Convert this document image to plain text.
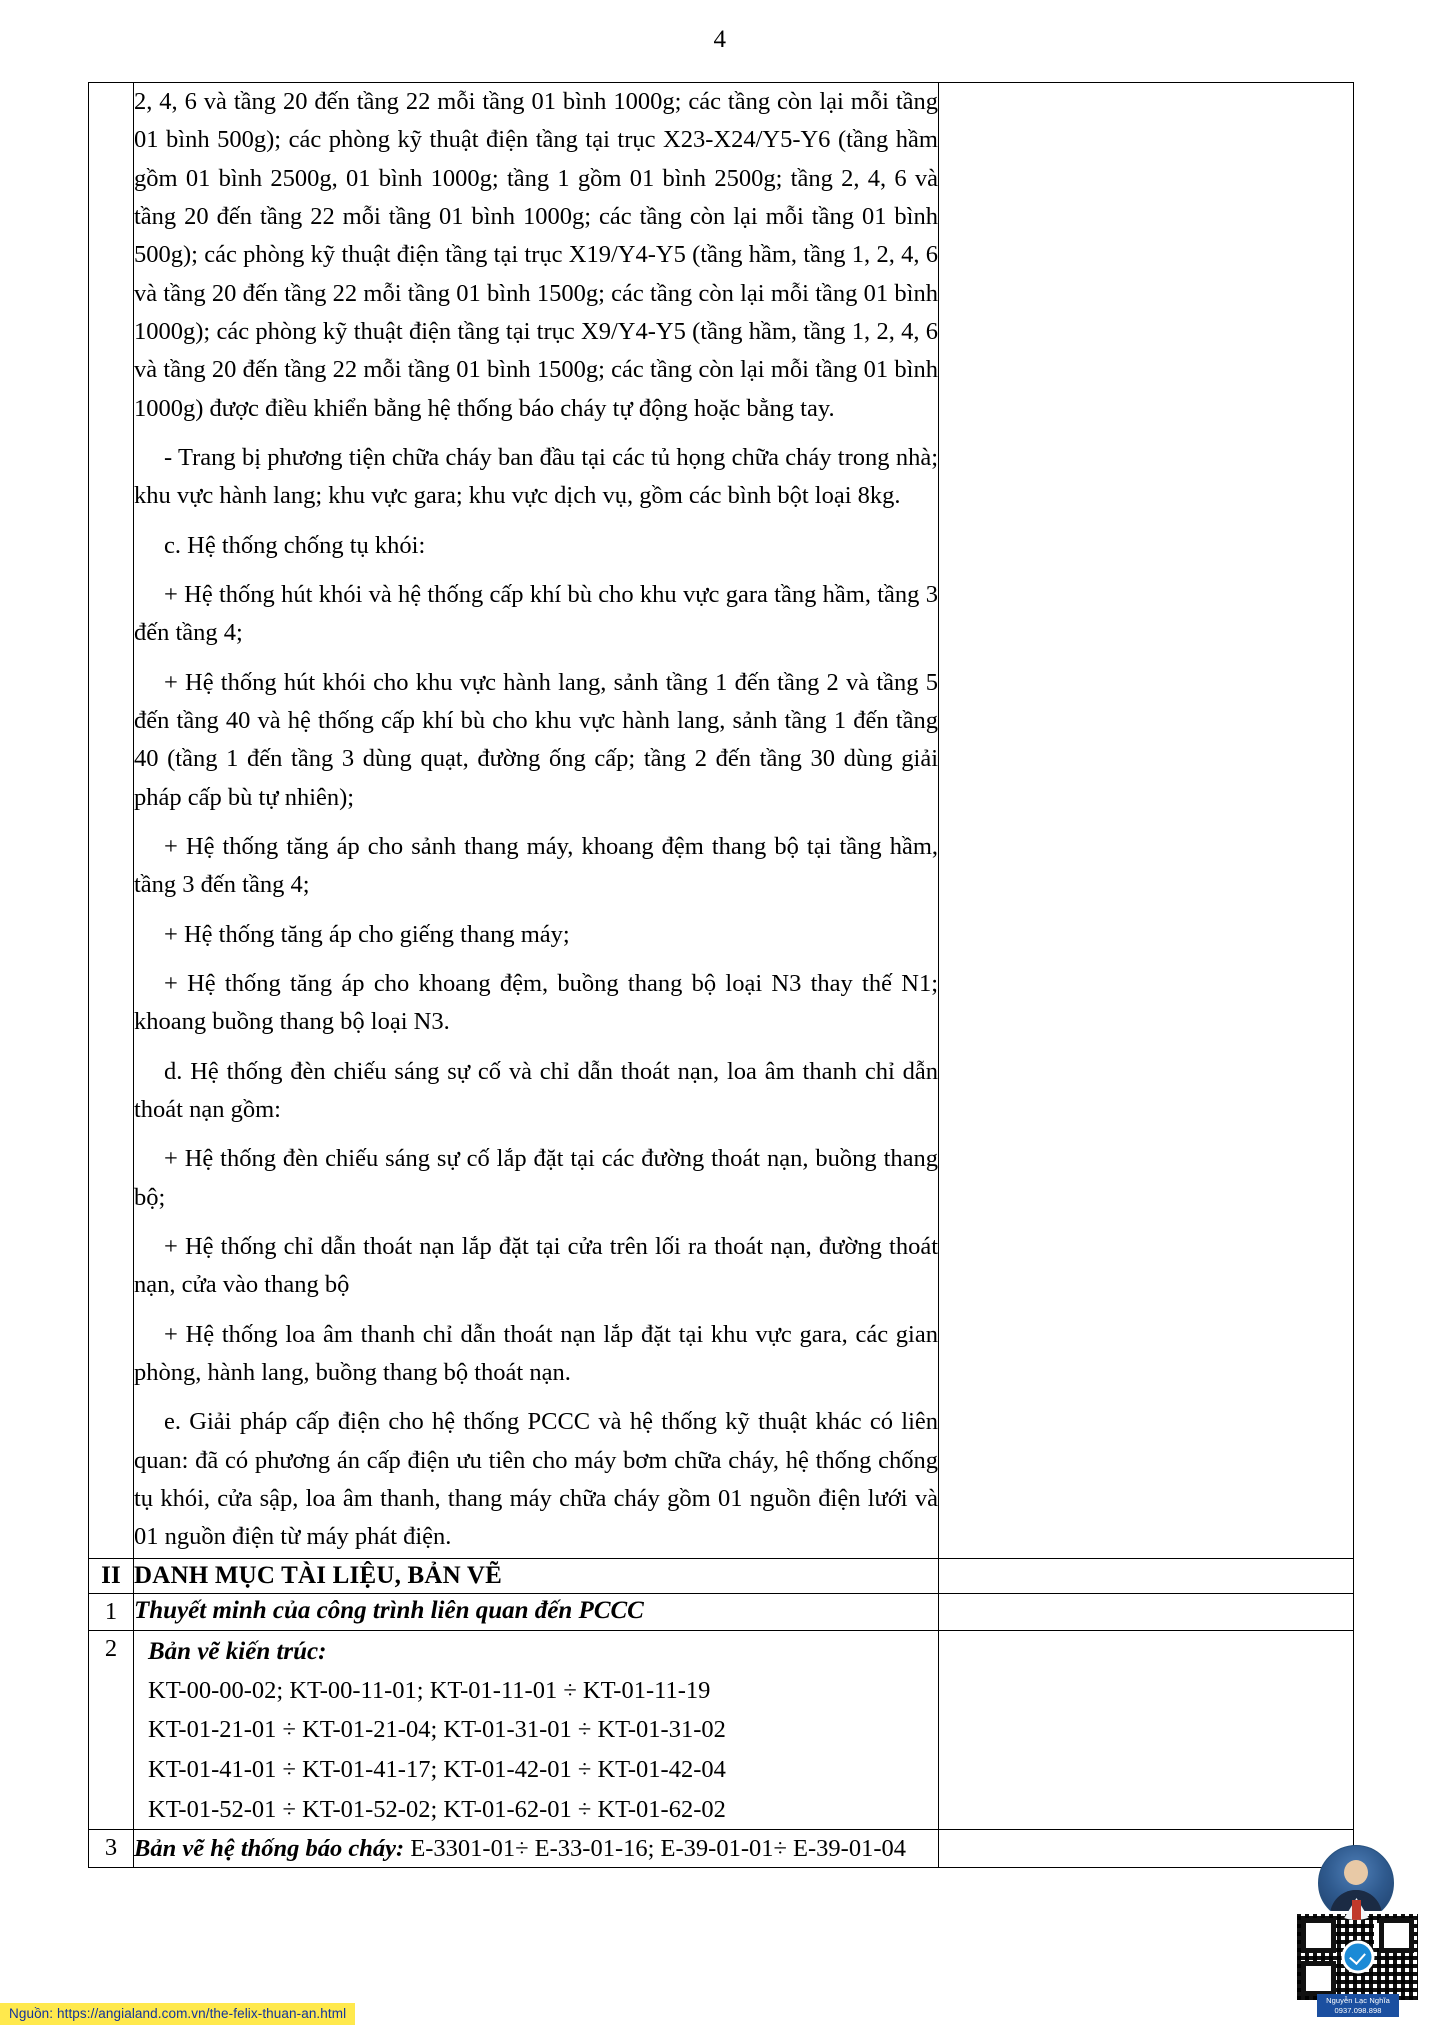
4

2, 4, 6 và tầng 20 đến tầng 22 mỗi tầng 01 bình 1000g; các tầng còn lại mỗi tầng 01 bình 500g); các phòng kỹ thuật điện tầng tại trục X23-X24/Y5-Y6 (tầng hầm gồm 01 bình 2500g, 01 bình 1000g; tầng 1 gồm 01 bình 2500g; tầng 2, 4, 6 và tầng 20 đến tầng 22 mỗi tầng 01 bình 1000g; các tầng còn lại mỗi tầng 01 bình 500g); các phòng kỹ thuật điện tầng tại trục X19/Y4-Y5 (tầng hầm, tầng 1, 2, 4, 6 và tầng 20 đến tầng 22 mỗi tầng 01 bình 1500g; các tầng còn lại mỗi tầng 01 bình 1000g); các phòng kỹ thuật điện tầng tại trục X9/Y4-Y5 (tầng hầm, tầng 1, 2, 4, 6 và tầng 20 đến tầng 22 mỗi tầng 01 bình 1500g; các tầng còn lại mỗi tầng 01 bình 1000g) được điều khiển bằng hệ thống báo cháy tự động hoặc bằng tay.

- Trang bị phương tiện chữa cháy ban đầu tại các tủ họng chữa cháy trong nhà; khu vực hành lang; khu vực gara; khu vực dịch vụ, gồm các bình bột loại 8kg.

c. Hệ thống chống tụ khói:

+ Hệ thống hút khói và hệ thống cấp khí bù cho khu vực gara tầng hầm, tầng 3 đến tầng 4;

+ Hệ thống hút khói cho khu vực hành lang, sảnh tầng 1 đến tầng 2 và tầng 5 đến tầng 40 và hệ thống cấp khí bù cho khu vực hành lang, sảnh tầng 1 đến tầng 40 (tầng 1 đến tầng 3 dùng quạt, đường ống cấp; tầng 2 đến tầng 30 dùng giải pháp cấp bù tự nhiên);

+ Hệ thống tăng áp cho sảnh thang máy, khoang đệm thang bộ tại tầng hầm, tầng 3 đến tầng 4;

+ Hệ thống tăng áp cho giếng thang máy;

+ Hệ thống tăng áp cho khoang đệm, buồng thang bộ loại N3 thay thế N1; khoang buồng thang bộ loại N3.

d. Hệ thống đèn chiếu sáng sự cố và chỉ dẫn thoát nạn, loa âm thanh chỉ dẫn thoát nạn gồm:

+ Hệ thống đèn chiếu sáng sự cố lắp đặt tại các đường thoát nạn, buồng thang bộ;

+ Hệ thống chỉ dẫn thoát nạn lắp đặt tại cửa trên lối ra thoát nạn, đường thoát nạn, cửa vào thang bộ

+ Hệ thống loa âm thanh chỉ dẫn thoát nạn lắp đặt tại khu vực gara, các gian phòng, hành lang, buồng thang bộ thoát nạn.

e. Giải pháp cấp điện cho hệ thống PCCC và hệ thống kỹ thuật khác có liên quan: đã có phương án cấp điện ưu tiên cho máy bơm chữa cháy, hệ thống chống tụ khói, cửa sập, loa âm thanh, thang máy chữa cháy gồm 01 nguồn điện lưới và 01 nguồn điện từ máy phát điện.

II	DANH MỤC TÀI LIỆU, BẢN VẼ	
1	Thuyết minh của công trình liên quan đến PCCC	
2	Bản vẽ kiến trúc:
KT-00-00-02; KT-00-11-01; KT-01-11-01 ÷ KT-01-11-19
KT-01-21-01 ÷ KT-01-21-04; KT-01-31-01 ÷ KT-01-31-02
KT-01-41-01 ÷ KT-01-41-17; KT-01-42-01 ÷ KT-01-42-04
KT-01-52-01 ÷ KT-01-52-02; KT-01-62-01 ÷ KT-01-62-02	

3	Bản vẽ hệ thống báo cháy: E-3301-01÷ E-33-01-16; E-39-01-01÷ E-39-01-04	
Nguồn: https://angialand.com.vn/the-felix-thuan-an.html
Nguyễn Lạc Nghĩa
0937.098.898
